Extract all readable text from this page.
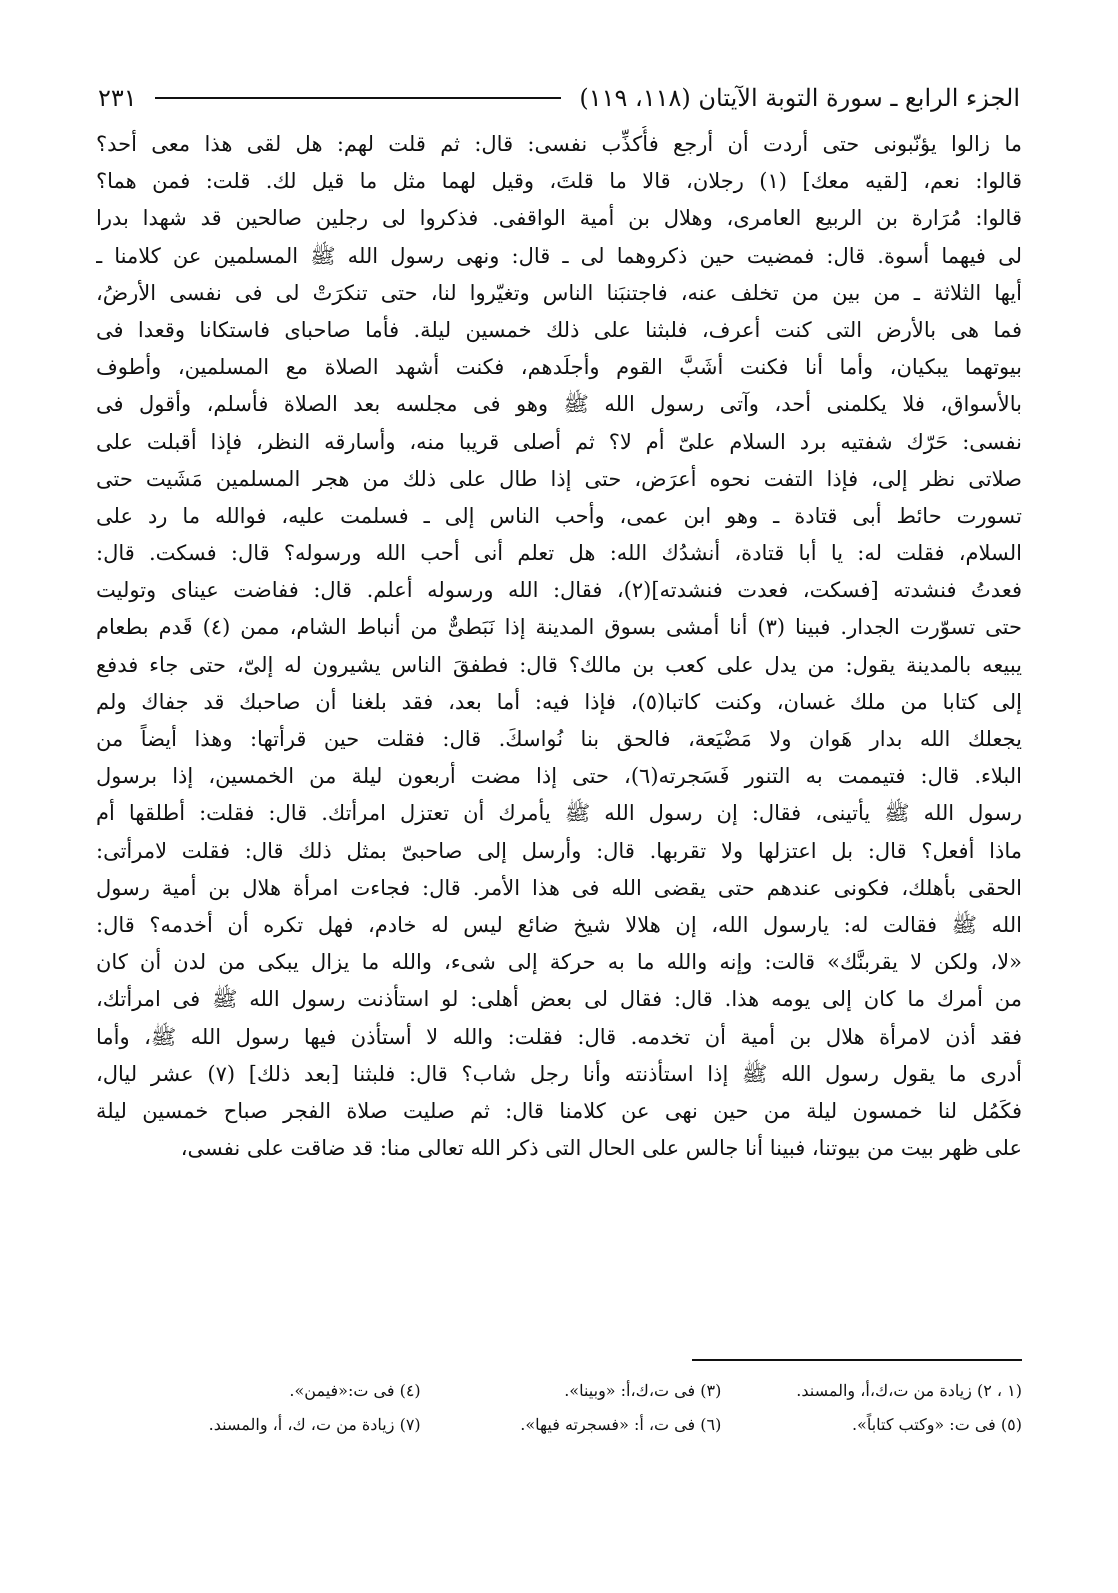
الجزء الرابع ـ سورة التوبة الآيتان (١١٨، ١١٩)
٢٣١
ما زالوا يؤنّبونى حتى أردت أن أرجع فأُكذِّب نفسى: قال: ثم قلت لهم: هل لقى هذا معى أحد؟
قالوا: نعم، [لقيه معك] (١) رجلان، قالا ما قلتَ، وقيل لهما مثل ما قيل لك. قلت: فمن هما؟
قالوا: مُرَارة بن الربيع العامرى، وهلال بن أمية الواقفى. فذكروا لى رجلين صالحين قد شهدا بدرا
لى فيهما أسوة. قال: فمضيت حين ذكروهما لى ـ قال: ونهى رسول الله ﷺ المسلمين عن كلامنا ـ
أيها الثلاثة ـ من بين من تخلف عنه، فاجتنبَنا الناس وتغيّروا لنا، حتى تنكرَتْ لى فى نفسى الأرضُ،
فما هى بالأرض التى كنت أعرف، فلبثنا على ذلك خمسين ليلة. فأما صاحباى فاستكانا وقعدا فى
بيوتهما يبكيان، وأما أنا فكنت أشَبَّ القوم وأجلَدهم، فكنت أشهد الصلاة مع المسلمين، وأطوف
بالأسواق، فلا يكلمنى أحد، وآتى رسول الله ﷺ وهو فى مجلسه بعد الصلاة فأسلم، وأقول فى
نفسى: حَرّك شفتيه برد السلام علىّ أم لا؟ ثم أصلى قريبا منه، وأسارقه النظر، فإذا أقبلت على
صلاتى نظر إلى، فإذا التفت نحوه أعرَض، حتى إذا طال على ذلك من هجر المسلمين مَشَيت حتى
تسورت حائط أبى قتادة ـ وهو ابن عمى، وأحب الناس إلى ـ فسلمت عليه، فوالله ما رد على
السلام، فقلت له: يا أبا قتادة، أنشدُك الله: هل تعلم أنى أحب الله ورسوله؟ قال: فسكت. قال:
فعدتُ فنشدته [فسكت، فعدت فنشدته](٢)، فقال: الله ورسوله أعلم. قال: ففاضت عيناى وتوليت
حتى تسوّرت الجدار. فبينا (٣) أنا أمشى بسوق المدينة إذا نَبَطىٌّ من أنباط الشام، ممن (٤) قَدم بطعام
يبيعه بالمدينة يقول: من يدل على كعب بن مالك؟ قال: فطفقَ الناس يشيرون له إلىّ، حتى جاء فدفع
إلى كتابا من ملك غسان، وكنت كاتبا(٥)، فإذا فيه: أما بعد، فقد بلغنا أن صاحبك قد جفاك ولم
يجعلك الله بدار هَوان ولا مَضْيَعة، فالحق بنا نُواسكَ. قال: فقلت حين قرأتها: وهذا أيضاً من
البلاء. قال: فتيممت به التنور فَسَجرته(٦)، حتى إذا مضت أربعون ليلة من الخمسين، إذا برسول
رسول الله ﷺ يأتينى، فقال: إن رسول الله ﷺ يأمرك أن تعتزل امرأتك. قال: فقلت: أطلقها أم
ماذا أفعل؟ قال: بل اعتزلها ولا تقربها. قال: وأرسل إلى صاحبىّ بمثل ذلك قال: فقلت لامرأتى:
الحقى بأهلك، فكونى عندهم حتى يقضى الله فى هذا الأمر. قال: فجاءت امرأة هلال بن أمية رسول
الله ﷺ فقالت له: يارسول الله، إن هلالا شيخ ضائع ليس له خادم، فهل تكره أن أخدمه؟ قال:
«لا، ولكن لا يقربنَّك» قالت: وإنه والله ما به حركة إلى شىء، والله ما يزال يبكى من لدن أن كان
من أمرك ما كان إلى يومه هذا. قال: فقال لى بعض أهلى: لو استأذنت رسول الله ﷺ فى امرأتك،
فقد أذن لامرأة هلال بن أمية أن تخدمه. قال: فقلت: والله لا أستأذن فيها رسول الله ﷺ، وأما
أدرى ما يقول رسول الله ﷺ إذا استأذنته وأنا رجل شاب؟ قال: فلبثنا [بعد ذلك] (٧) عشر ليال،
فكَمُل لنا خمسون ليلة من حين نهى عن كلامنا قال: ثم صليت صلاة الفجر صباح خمسين ليلة
على ظهر بيت من بيوتنا، فبينا أنا جالس على الحال التى ذكر الله تعالى منا: قد ضاقت على نفسى،
(١ ، ٢) زيادة من ت،ك،أ، والمسند.
(٣) فى ت،ك،أ: «وبينا».
(٤) فى ت:«فيمن».
(٥) فى ت: «وكتب كتاباً».
(٦) فى ت، أ: «فسجرته فيها».
(٧) زيادة من ت، ك، أ، والمسند.
